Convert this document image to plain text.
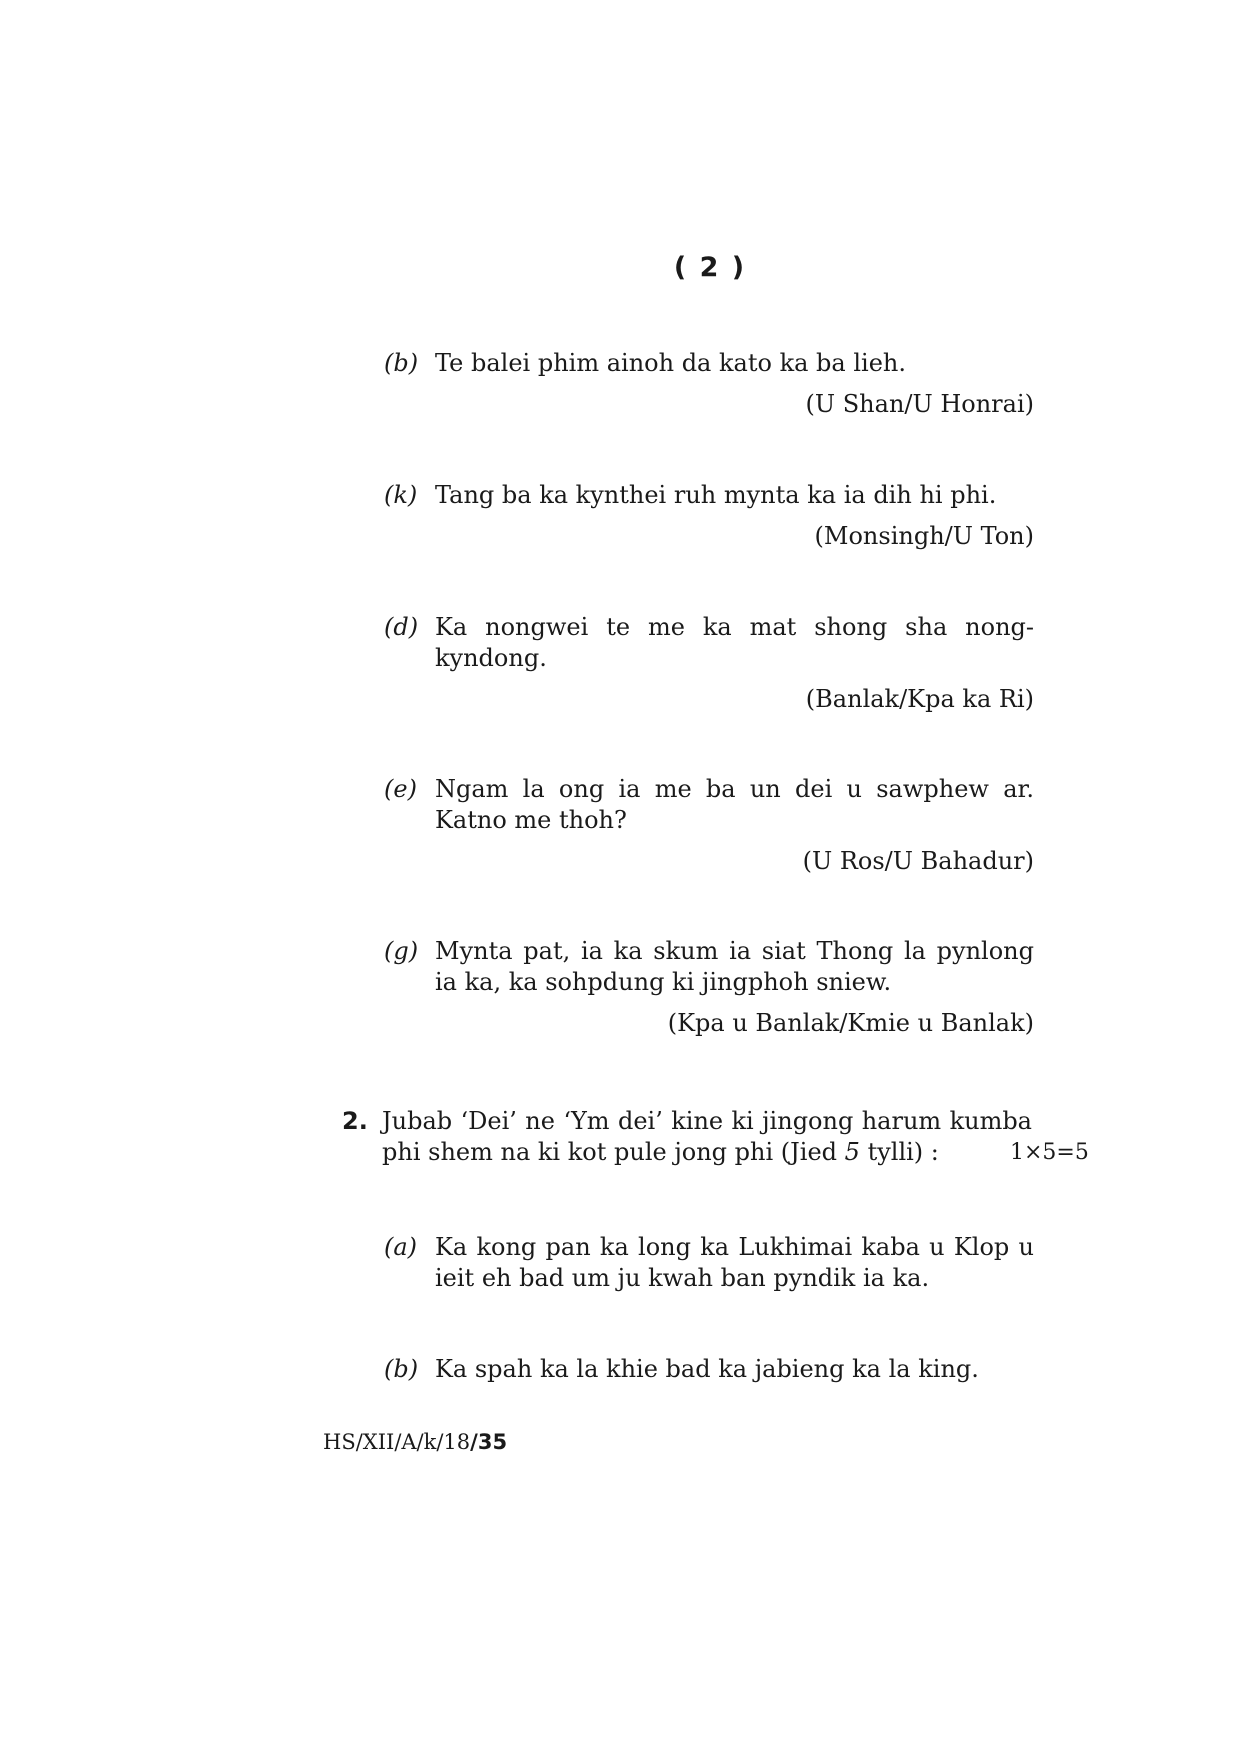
( 2 )
(b) Te balei phim ainoh da kato ka ba lieh.
(U Shan/U Honrai)
(k) Tang ba ka kynthei ruh mynta ka ia dih hi phi.
(Monsingh/U Ton)
(d) Ka nongwei te me ka mat shong sha nong-kyndong.
(Banlak/Kpa ka Ri)
(e) Ngam la ong ia me ba un dei u sawphew ar. Katno me thoh?
(U Ros/U Bahadur)
(g) Mynta pat, ia ka skum ia siat Thong la pynlong ia ka, ka sohpdung ki jingphoh sniew.
(Kpa u Banlak/Kmie u Banlak)
2. Jubab ‘Dei’ ne ‘Ym dei’ kine ki jingong harum kumba phi shem na ki kot pule jong phi (Jied 5 tylli) :	1×5=5
(a) Ka kong pan ka long ka Lukhimai kaba u Klop u ieit eh bad um ju kwah ban pyndik ia ka.
(b) Ka spah ka la khie bad ka jabieng ka la king.
HS/XII/A/k/18/35
